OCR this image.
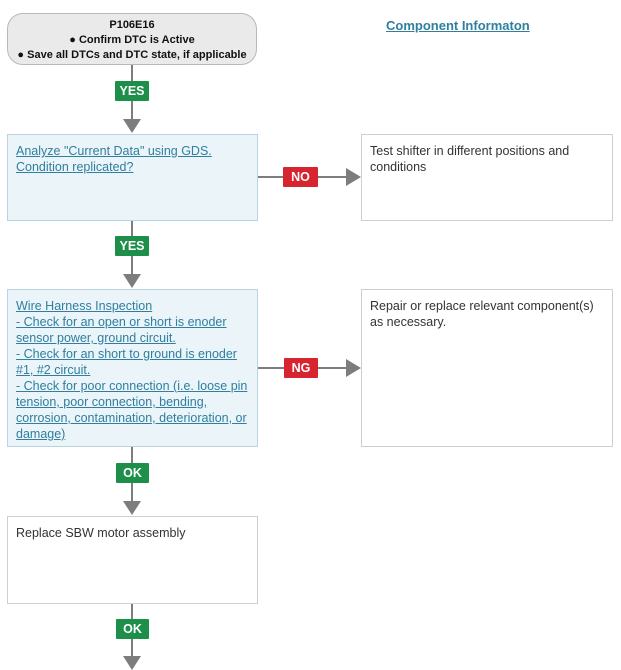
P106E16
● Confirm DTC is Active
● Save all DTCs and DTC state, if applicable
Component Informaton
YES
Analyze "Current Data" using GDS.
Condition replicated?
NO
Test shifter in different positions and conditions
YES
Wire Harness Inspection
- Check for an open or short is enoder sensor power, ground circuit.
- Check for an short to ground is enoder #1, #2 circuit.
- Check for poor connection (i.e. loose pin tension, poor connection, bending, corrosion, contamination, deterioration, or damage)
NG
Repair or replace relevant component(s) as necessary.
OK
Replace SBW motor assembly
OK
